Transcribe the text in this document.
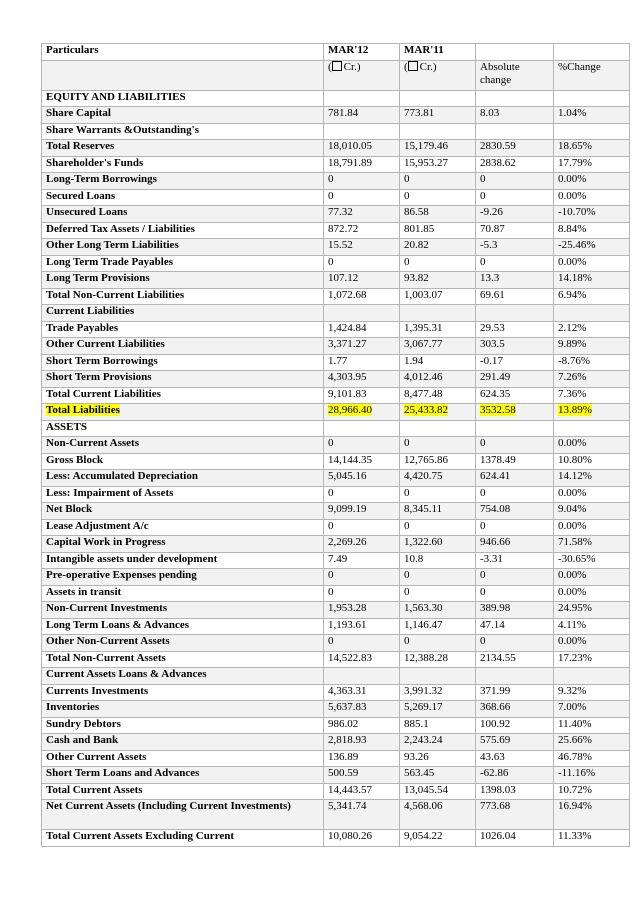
Particulars	MAR'12	MAR'11		
	( Cr.)	( Cr.)	Absolute change	%Change
EQUITY AND LIABILITIES				
Share Capital	781.84	773.81	8.03	1.04%
Share Warrants &Outstanding's				
Total Reserves	18,010.05	15,179.46	2830.59	18.65%
Shareholder's Funds	18,791.89	15,953.27	2838.62	17.79%
Long-Term Borrowings	0	0	0	0.00%
Secured Loans	0	0	0	0.00%
Unsecured Loans	77.32	86.58	-9.26	-10.70%
Deferred Tax Assets / Liabilities	872.72	801.85	70.87	8.84%
Other Long Term Liabilities	15.52	20.82	-5.3	-25.46%
Long Term Trade Payables	0	0	0	0.00%
Long Term Provisions	107.12	93.82	13.3	14.18%
Total Non-Current Liabilities	1,072.68	1,003.07	69.61	6.94%
Current Liabilities				
Trade Payables	1,424.84	1,395.31	29.53	2.12%
Other Current Liabilities	3,371.27	3,067.77	303.5	9.89%
Short Term Borrowings	1.77	1.94	-0.17	-8.76%
Short Term Provisions	4,303.95	4,012.46	291.49	7.26%
Total Current Liabilities	9,101.83	8,477.48	624.35	7.36%
Total Liabilities	28,966.40	25,433.82	3532.58	13.89%
ASSETS				
Non-Current Assets	0	0	0	0.00%
Gross Block	14,144.35	12,765.86	1378.49	10.80%
Less: Accumulated Depreciation	5,045.16	4,420.75	624.41	14.12%
Less: Impairment of Assets	0	0	0	0.00%
Net Block	9,099.19	8,345.11	754.08	9.04%
Lease Adjustment A/c	0	0	0	0.00%
Capital Work in Progress	2,269.26	1,322.60	946.66	71.58%
Intangible assets under development	7.49	10.8	-3.31	-30.65%
Pre-operative Expenses pending	0	0	0	0.00%
Assets in transit	0	0	0	0.00%
Non-Current Investments	1,953.28	1,563.30	389.98	24.95%
Long Term Loans & Advances	1,193.61	1,146.47	47.14	4.11%
Other Non-Current Assets	0	0	0	0.00%
Total Non-Current Assets	14,522.83	12,388.28	2134.55	17.23%
Current Assets Loans & Advances				
Currents Investments	4,363.31	3,991.32	371.99	9.32%
Inventories	5,637.83	5,269.17	368.66	7.00%
Sundry Debtors	986.02	885.1	100.92	11.40%
Cash and Bank	2,818.93	2,243.24	575.69	25.66%
Other Current Assets	136.89	93.26	43.63	46.78%
Short Term Loans and Advances	500.59	563.45	-62.86	-11.16%
Total Current Assets	14,443.57	13,045.54	1398.03	10.72%
Net Current Assets (Including Current Investments)	5,341.74	4,568.06	773.68	16.94%
Total Current Assets Excluding Current	10,080.26	9,054.22	1026.04	11.33%
